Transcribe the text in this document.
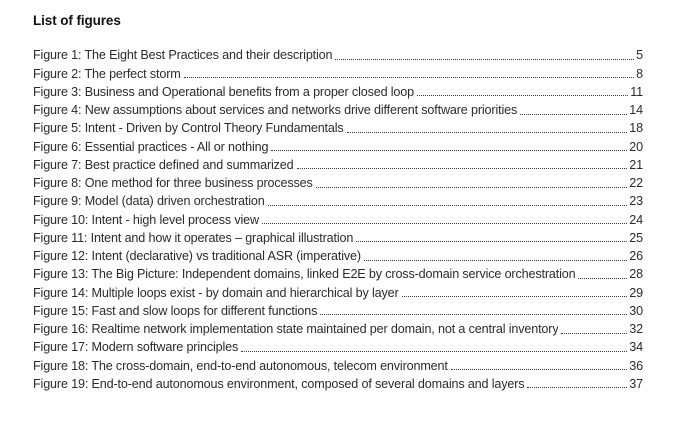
List of figures
Figure 1: The Eight Best Practices and their description	5
Figure 2: The perfect storm	8
Figure 3: Business and Operational benefits from a proper closed loop	11
Figure 4: New assumptions about services and networks drive different software priorities	14
Figure 5: Intent - Driven by Control Theory Fundamentals	18
Figure 6: Essential practices - All or nothing	20
Figure 7: Best practice defined and summarized	21
Figure 8: One method for three business processes	22
Figure 9: Model (data) driven orchestration	23
Figure 10: Intent - high level process view	24
Figure 11: Intent and how it operates – graphical illustration	25
Figure 12: Intent (declarative) vs traditional ASR (imperative)	26
Figure 13: The Big Picture: Independent domains, linked E2E by cross-domain service orchestration	28
Figure 14: Multiple loops exist - by domain and hierarchical by layer	29
Figure 15: Fast and slow loops for different functions	30
Figure 16: Realtime network implementation state maintained per domain, not a central inventory	32
Figure 17: Modern software principles	34
Figure 18: The cross-domain, end-to-end autonomous, telecom environment	36
Figure 19: End-to-end autonomous environment, composed of several domains and layers	37
